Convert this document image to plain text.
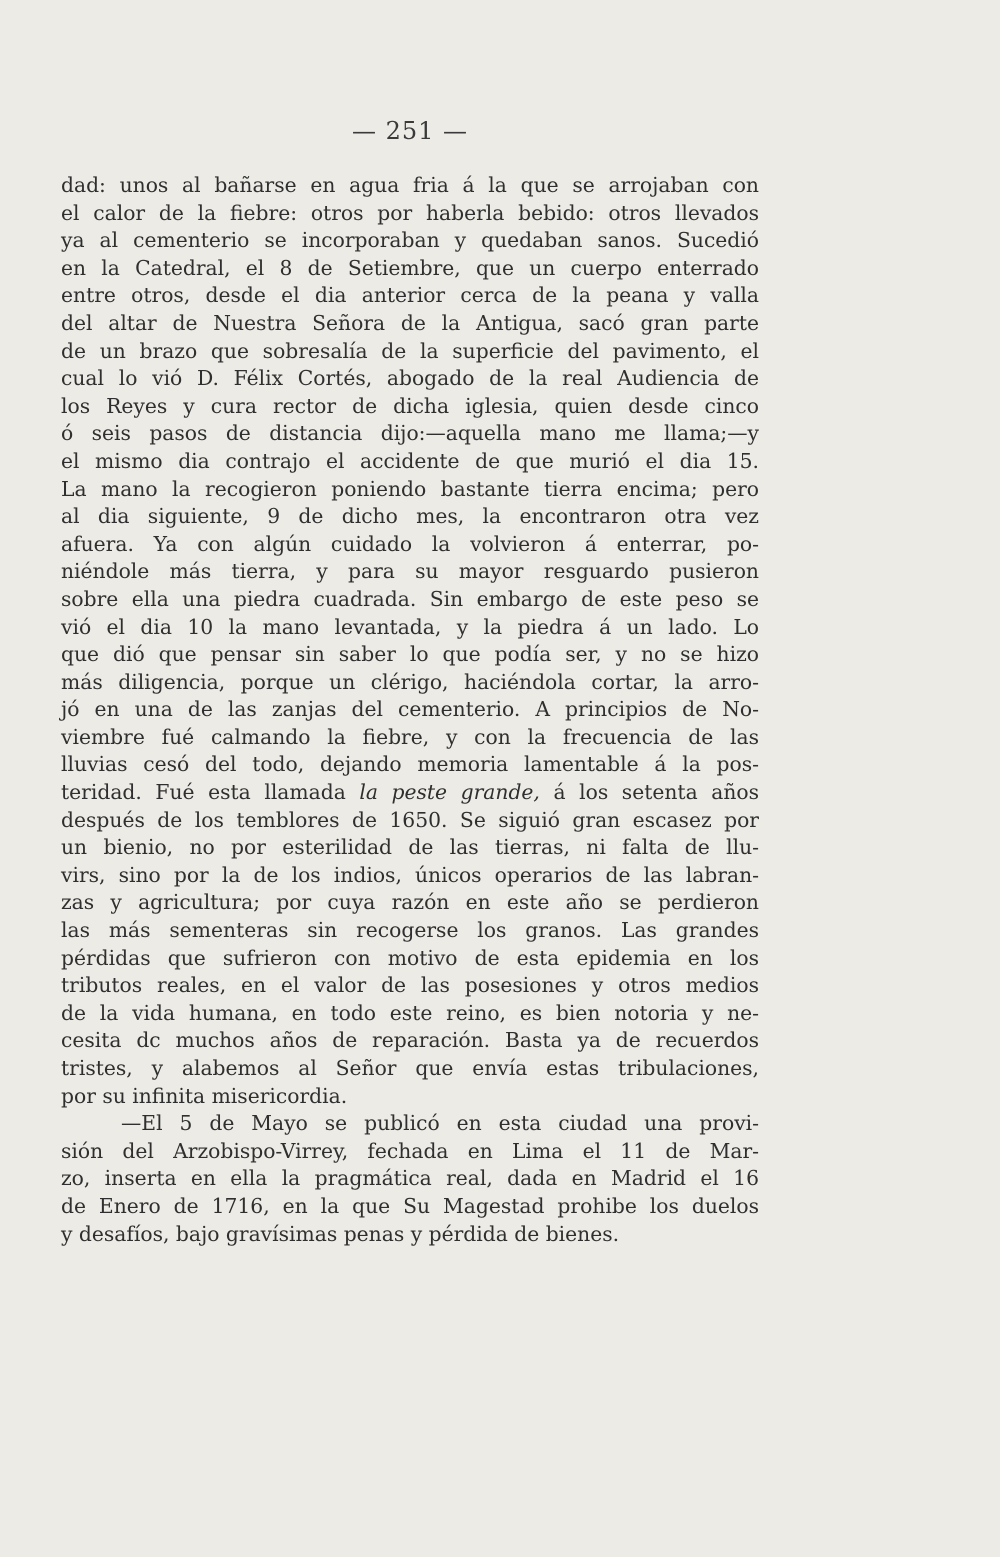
— 251 —
dad: unos al bañarse en agua fria á la que se arrojaban con
el calor de la fiebre: otros por haberla bebido: otros llevados
ya al cementerio se incorporaban y quedaban sanos. Sucedió
en la Catedral, el 8 de Setiembre, que un cuerpo enterrado
entre otros, desde el dia anterior cerca de la peana y valla
del altar de Nuestra Señora de la Antigua, sacó gran parte
de un brazo que sobresalía de la superficie del pavimento, el
cual lo vió D. Félix Cortés, abogado de la real Audiencia de
los Reyes y cura rector de dicha iglesia, quien desde cinco
ó seis pasos de distancia dijo:—aquella mano me llama;—y
el mismo dia contrajo el accidente de que murió el dia 15.
La mano la recogieron poniendo bastante tierra encima; pero
al dia siguiente, 9 de dicho mes, la encontraron otra vez
afuera. Ya con algún cuidado la volvieron á enterrar, po-
niéndole más tierra, y para su mayor resguardo pusieron
sobre ella una piedra cuadrada. Sin embargo de este peso se
vió el dia 10 la mano levantada, y la piedra á un lado. Lo
que dió que pensar sin saber lo que podía ser, y no se hizo
más diligencia, porque un clérigo, haciéndola cortar, la arro-
jó en una de las zanjas del cementerio. A principios de No-
viembre fué calmando la fiebre, y con la frecuencia de las
lluvias cesó del todo, dejando memoria lamentable á la pos-
teridad. Fué esta llamada la peste grande, á los setenta años
después de los temblores de 1650. Se siguió gran escasez por
un bienio, no por esterilidad de las tierras, ni falta de llu-
virs, sino por la de los indios, únicos operarios de las labran-
zas y agricultura; por cuya razón en este año se perdieron
las más sementeras sin recogerse los granos. Las grandes
pérdidas que sufrieron con motivo de esta epidemia en los
tributos reales, en el valor de las posesiones y otros medios
de la vida humana, en todo este reino, es bien notoria y ne-
cesita dc muchos años de reparación. Basta ya de recuerdos
tristes, y alabemos al Señor que envía estas tribulaciones,
por su infinita misericordia.
—El 5 de Mayo se publicó en esta ciudad una provi-
sión del Arzobispo-Virrey, fechada en Lima el 11 de Mar-
zo, inserta en ella la pragmática real, dada en Madrid el 16
de Enero de 1716, en la que Su Magestad prohibe los duelos
y desafíos, bajo gravísimas penas y pérdida de bienes.
